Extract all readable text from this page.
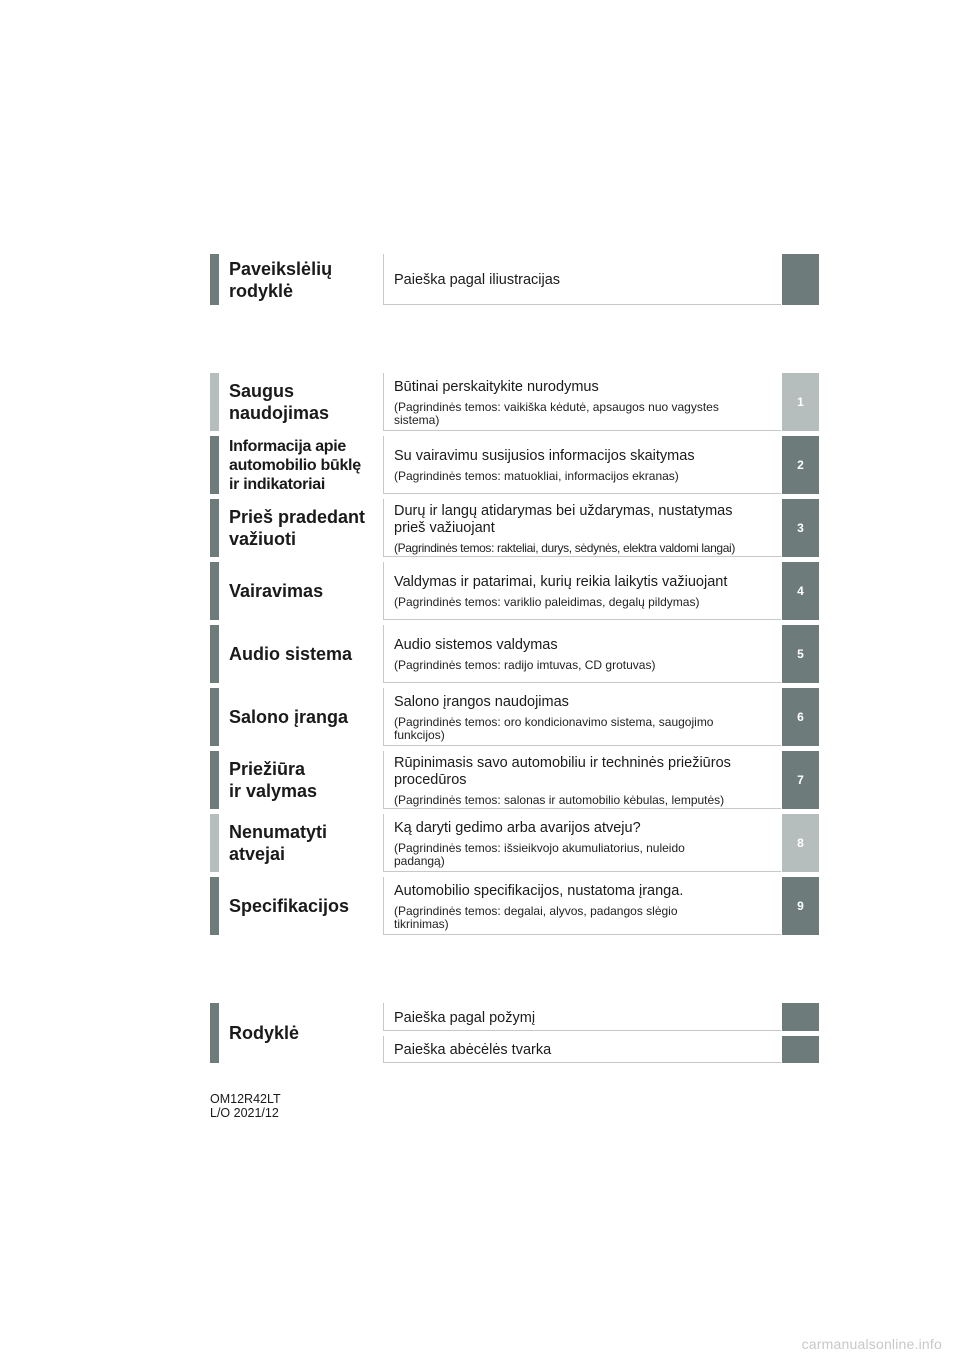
Paveikslėlių
rodyklė
Paieška pagal iliustracijas
Saugus
naudojimas
Būtinai perskaitykite nurodymus
(Pagrindinės temos: vaikiška kėdutė, apsaugos nuo vagystes
sistema)
1
Informacija apie
automobilio būklę
ir indikatoriai
Su vairavimu susijusios informacijos skaitymas
(Pagrindinės temos: matuokliai, informacijos ekranas)
2
Prieš pradedant
važiuoti
Durų ir langų atidarymas bei uždarymas, nustatymas
prieš važiuojant
(Pagrindinės temos: rakteliai, durys, sėdynės, elektra valdomi langai)
3
Vairavimas	Valdymas ir patarimai, kurių reikia laikytis važiuojant
(Pagrindinės temos: variklio paleidimas, degalų pildymas)
4
Audio sistema	Audio sistemos valdymas
(Pagrindinės temos: radijo imtuvas, CD grotuvas)
5
Salono įranga
Salono įrangos naudojimas
(Pagrindinės temos: oro kondicionavimo sistema, saugojimo
funkcijos)
6
Priežiūra
ir valymas
Rūpinimasis savo automobiliu ir techninės priežiūros
procedūros
(Pagrindinės temos: salonas ir automobilio kėbulas, lemputės)
7
Nenumatyti
atvejai
Ką daryti gedimo arba avarijos atveju?
(Pagrindinės temos: išsieikvojo akumuliatorius, nuleido
padangą)
8
Specifikacijos
Automobilio specifikacijos, nustatoma įranga.
(Pagrindinės temos: degalai, alyvos, padangos slėgio
tikrinimas)
9
Rodyklė
Paieška pagal požymį
Paieška abėcėlės tvarka
OM12R42LT
L/O 2021/12
carmanualsonline.info
